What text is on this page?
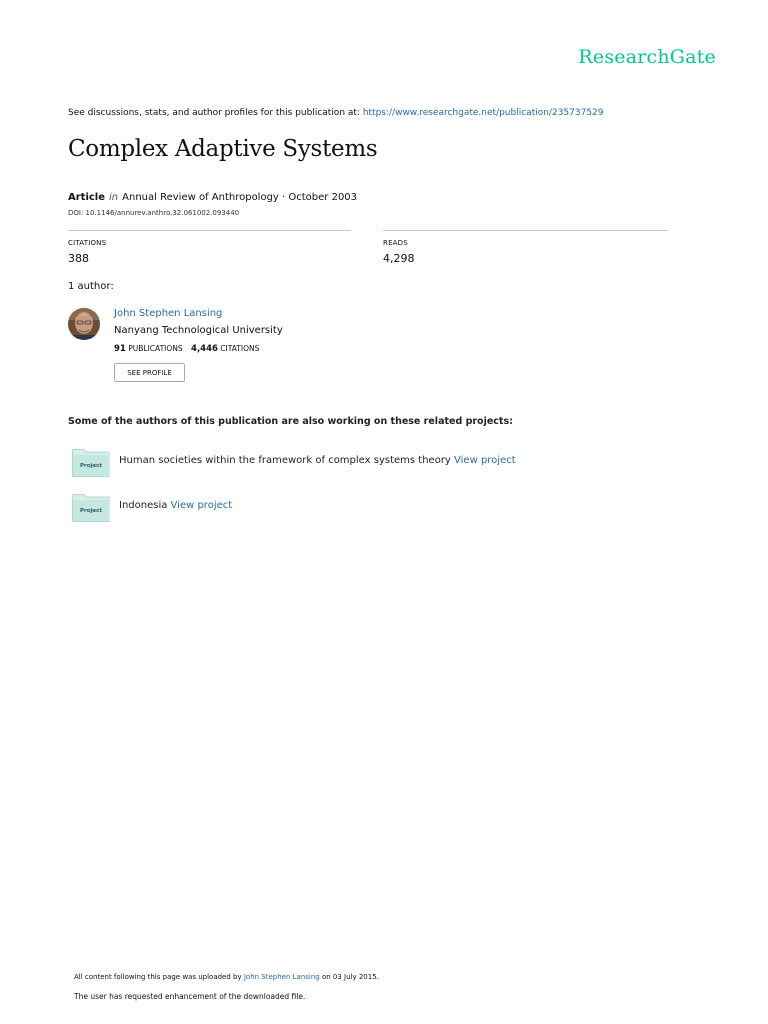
ResearchGate
See discussions, stats, and author profiles for this publication at: https://www.researchgate.net/publication/235737529
Complex Adaptive Systems
Article in Annual Review of Anthropology · October 2003
DOI: 10.1146/annurev.anthro.32.061002.093440
CITATIONS
388
READS
4,298
1 author:
John Stephen Lansing
Nanyang Technological University
91 PUBLICATIONS 4,446 CITATIONS
SEE PROFILE
Some of the authors of this publication are also working on these related projects:
Project Human societies within the framework of complex systems theory View project
Project Indonesia View project
All content following this page was uploaded by John Stephen Lansing on 03 July 2015.
The user has requested enhancement of the downloaded file.
